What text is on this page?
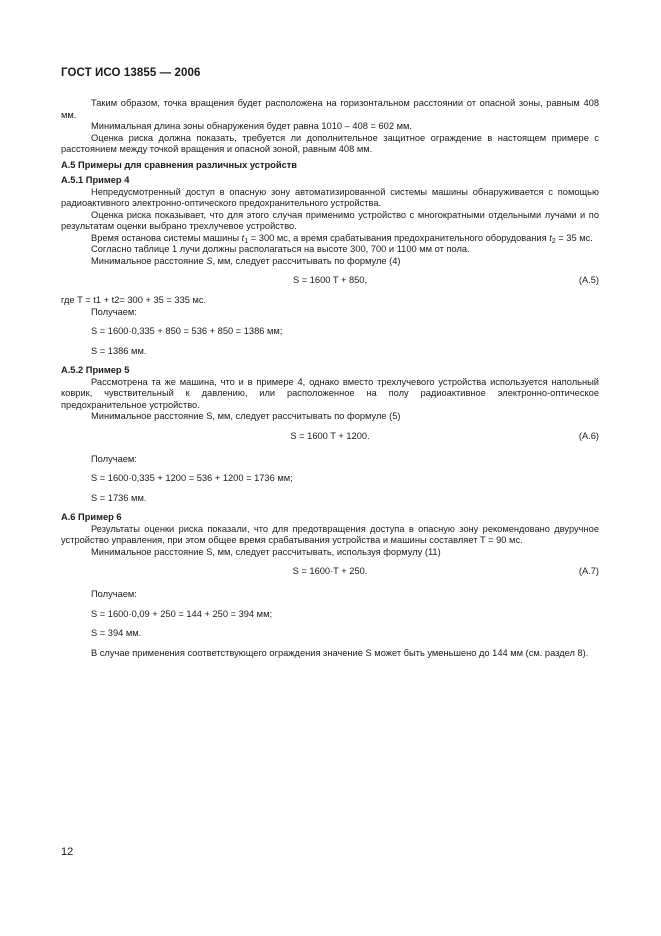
ГОСТ ИСО 13855 — 2006

Таким образом, точка вращения будет расположена на горизонтальном расстоянии от опасной зоны, равным 408 мм.

Минимальная длина зоны обнаружения будет равна 1010 – 408 = 602 мм.

Оценка риска должна показать, требуется ли дополнительное защитное ограждение в настоящем примере с расстоянием между точкой вращения и опасной зоной, равным 408 мм.

А.5 Примеры для сравнения различных устройств

А.5.1 Пример 4

Непредусмотренный доступ в опасную зону автоматизированной системы машины обнаруживается с помощью радиоактивного электронно-оптического предохранительного устройства.

Оценка риска показывает, что для этого случая применимо устройство с многократными отдельными лучами и по результатам оценки выбрано трехлучевое устройство.

Время останова системы машины $t_1 = 300$ мс, а время срабатывания предохранительного оборудования $t_2 = 35$ мс.

Согласно таблице 1 лучи должны располагаться на высоте 300, 700 и 1100 мм от пола.

Минимальное расстояние S, мм, следует рассчитывать по формуле (4)

S = 1600 T + 850,	(А.5)

где T = t1 + t2= 300 + 35 = 335 мс.

Получаем:

S = 1600·0,335 + 850 = 536 + 850 = 1386 мм;

S = 1386 мм.

А.5.2 Пример 5

Рассмотрена та же машина, что и в примере 4, однако вместо трехлучевого устройства используется напольный коврик, чувствительный к давлению, или расположенное на полу радиоактивное электронно-оптическое предохранительное устройство.

Минимальное расстояние S, мм, следует рассчитывать по формуле (5)

S = 1600 T + 1200.	(А.6)

Получаем:

S = 1600·0,335 + 1200 = 536 + 1200 = 1736 мм;

S = 1736 мм.

А.6 Пример 6

Результаты оценки риска показали, что для предотвращения доступа в опасную зону рекомендовано двуручное устройство управления, при этом общее время срабатывания устройства и машины составляет T = 90 мс.

Минимальное расстояние S, мм, следует рассчитывать, используя формулу (11)

S = 1600·T + 250.	(А.7)

Получаем:

S = 1600·0,09 + 250 = 144 + 250 = 394 мм;

S = 394 мм.

В случае применения соответствующего ограждения значение S может быть уменьшено до 144 мм (см. раздел 8).

12
